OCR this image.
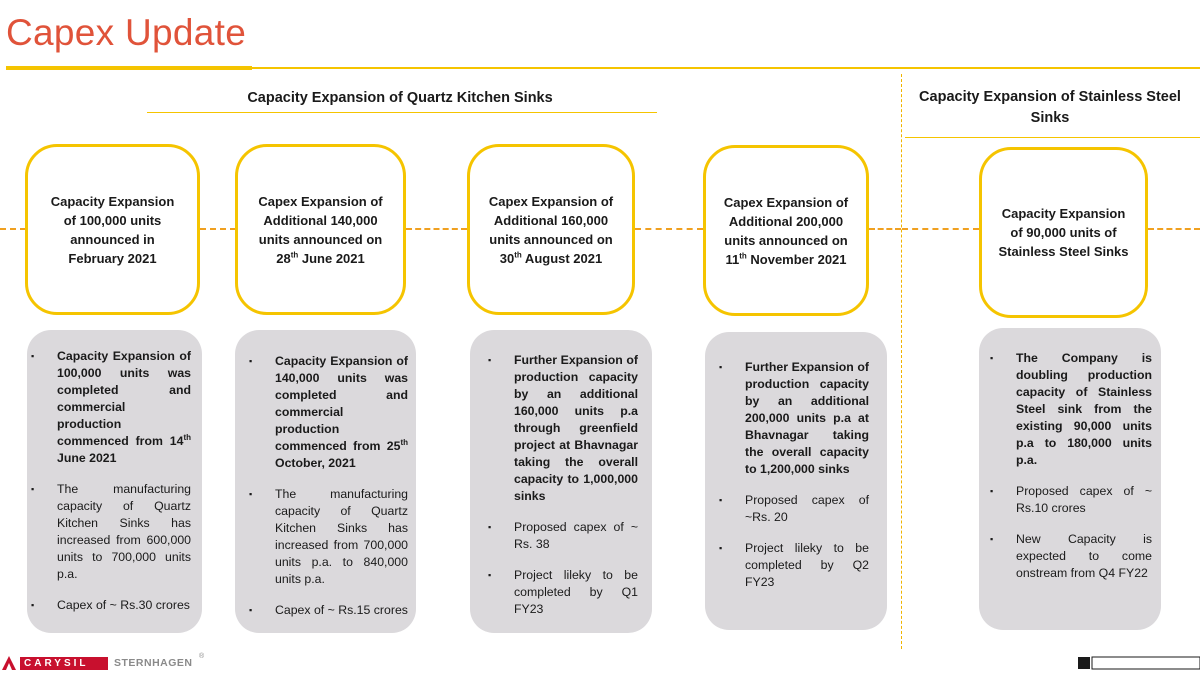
Capex Update
Capacity Expansion of Quartz Kitchen Sinks	Capacity Expansion of Stainless Steel Sinks
Capacity Expansion
of 100,000 units
announced in
February 2021
▪ Capacity Expansion of 100,000 units was completed and commercial production commenced from 14th June 2021
▪ The manufacturing capacity of Quartz Kitchen Sinks has increased from 600,000 units to 700,000 units p.a.
▪ Capex of ~ Rs.30 crores
Capex Expansion of
Additional 140,000
units announced on
28th June 2021
▪ Capacity Expansion of 140,000 units was completed and commercial production commenced from 25th October, 2021
▪ The manufacturing capacity of Quartz Kitchen Sinks has increased from 700,000 units p.a. to 840,000 units p.a.
▪ Capex of ~ Rs.15 crores
Capex Expansion of
Additional 160,000
units announced on
30th August 2021
▪ Further Expansion of production capacity by an additional 160,000 units p.a through greenfield project at Bhavnagar taking the overall capacity to 1,000,000 sinks
▪ Proposed capex of ~ Rs. 38
▪ Project lileky to be completed by Q1 FY23
Capex Expansion of
Additional 200,000
units announced on
11th November 2021
▪ Further Expansion of production capacity by an additional 200,000 units p.a at Bhavnagar taking the overall capacity to 1,200,000 sinks
▪ Proposed capex of ~Rs. 20
▪ Project lileky to be completed by Q2 FY23
Capacity Expansion
of 90,000 units of
Stainless Steel Sinks
▪ The Company is doubling production capacity of Stainless Steel sink from the existing 90,000 units p.a to 180,000 units p.a.
▪ Proposed capex of ~ Rs.10 crores
▪ New Capacity is expected to come onstream from Q4 FY22
CARYSIL STERNHAGEN
®
